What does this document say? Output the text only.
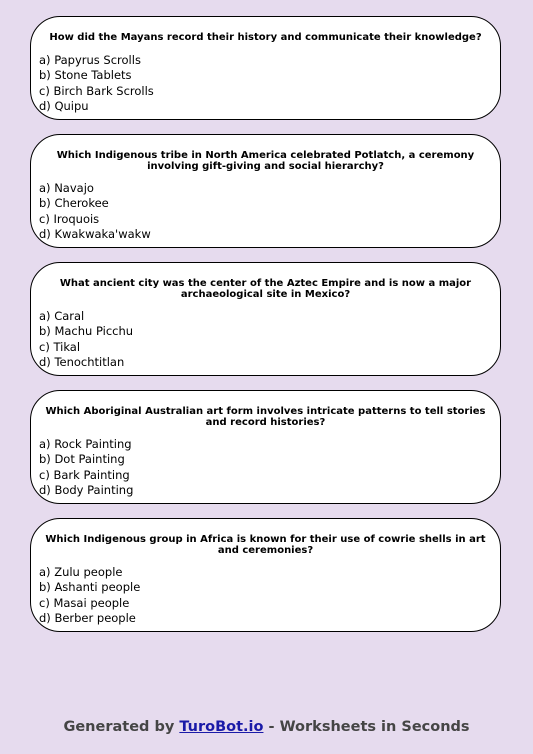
How did the Mayans record their history and communicate their knowledge?

a) Papyrus Scrolls
b) Stone Tablets
c) Birch Bark Scrolls
d) Quipu

Which Indigenous tribe in North America celebrated Potlatch, a ceremony involving gift-giving and social hierarchy?

a) Navajo
b) Cherokee
c) Iroquois
d) Kwakwaka'wakw

What ancient city was the center of the Aztec Empire and is now a major archaeological site in Mexico?

a) Caral
b) Machu Picchu
c) Tikal
d) Tenochtitlan

Which Aboriginal Australian art form involves intricate patterns to tell stories and record histories?

a) Rock Painting
b) Dot Painting
c) Bark Painting
d) Body Painting

Which Indigenous group in Africa is known for their use of cowrie shells in art and ceremonies?

a) Zulu people
b) Ashanti people
c) Masai people
d) Berber people
Generated by TuroBot.io - Worksheets in Seconds
